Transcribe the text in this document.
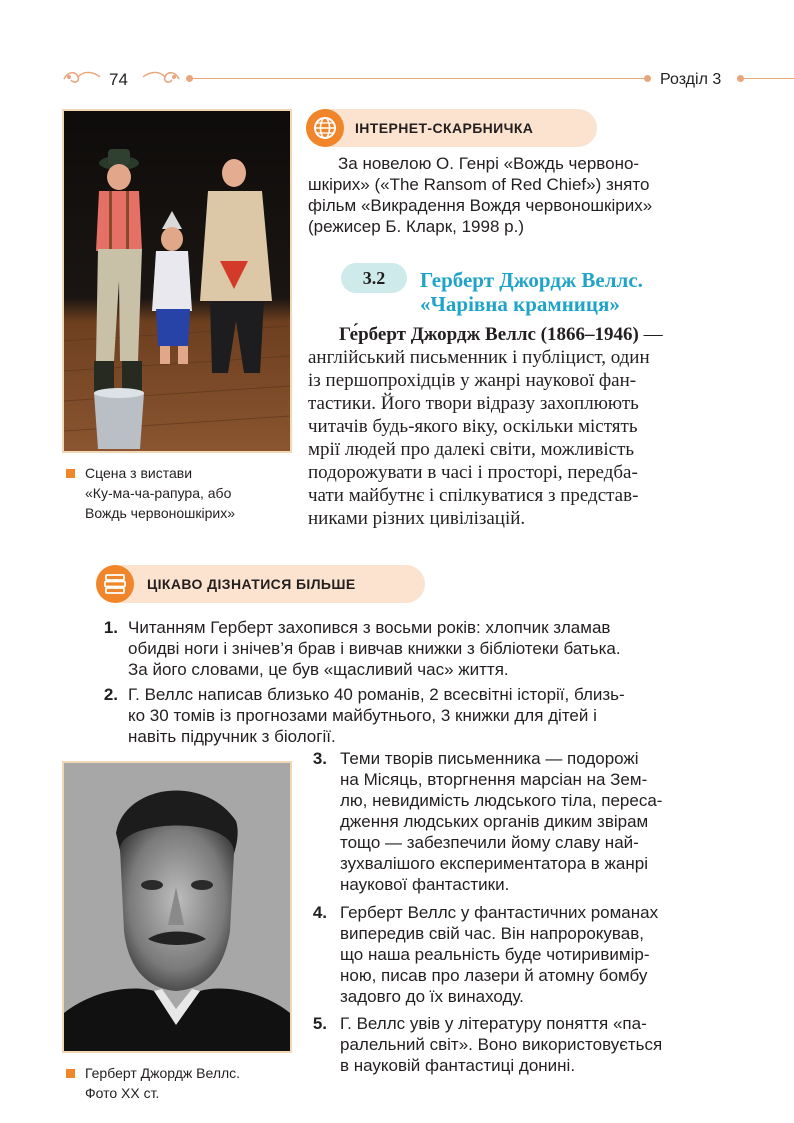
74	Розділ 3
Сцена з вистави
«Ку-ма-ча-рапура, або
Вождь червоношкірих»
ІНТЕРНЕТ-СКАРБНИЧКА
За новелою О. Генрі «Вождь червоно-
шкірих» («The Ransom of Red Chief») знято
фільм «Викрадення Вождя червоношкірих»
(режисер Б. Кларк, 1998 р.)
3.2	Герберт Джордж Веллс.
«Чарівна крамниця»
Ге́рберт Джордж Веллс (1866–1946) —
англійський письменник і публіцист, один
із першопрохідців у жанрі наукової фан-
тастики. Його твори відразу захоплюють
читачів будь-якого віку, оскільки містять
мрії людей про далекі світи, можливість
подорожувати в часі і просторі, передба-
чати майбутнє і спілкуватися з представ-
никами різних цивілізацій.
ЦІКАВО ДІЗНАТИСЯ БІЛЬШЕ
1. Читанням Герберт захопився з восьми років: хлопчик зламав
обидві ноги і знічев’я брав і вивчав книжки з бібліотеки батька.
За його словами, це був «щасливий час» життя.
2. Г. Веллс написав близько 40 романів, 2 всесвітні історії, близь-
ко 30 томів із прогнозами майбутнього, 3 книжки для дітей і
навіть підручник з біології.
Герберт Джордж Веллс.
Фото ХХ ст.
3. Теми творів письменника — подорожі
на Місяць, вторгнення марсіан на Зем-
лю, невидимість людського тіла, переса-
дження людських органів диким звірам
тощо — забезпечили йому славу най-
зухвалішого експериментатора в жанрі
наукової фантастики.
4. Герберт Веллс у фантастичних романах
випередив свій час. Він напророкував,
що наша реальність буде чотиривимір-
ною, писав про лазери й атомну бомбу
задовго до їх винаходу.
5. Г. Веллс увів у літературу поняття «па-
ралельний світ». Воно використовується
в науковій фантастиці донині.
